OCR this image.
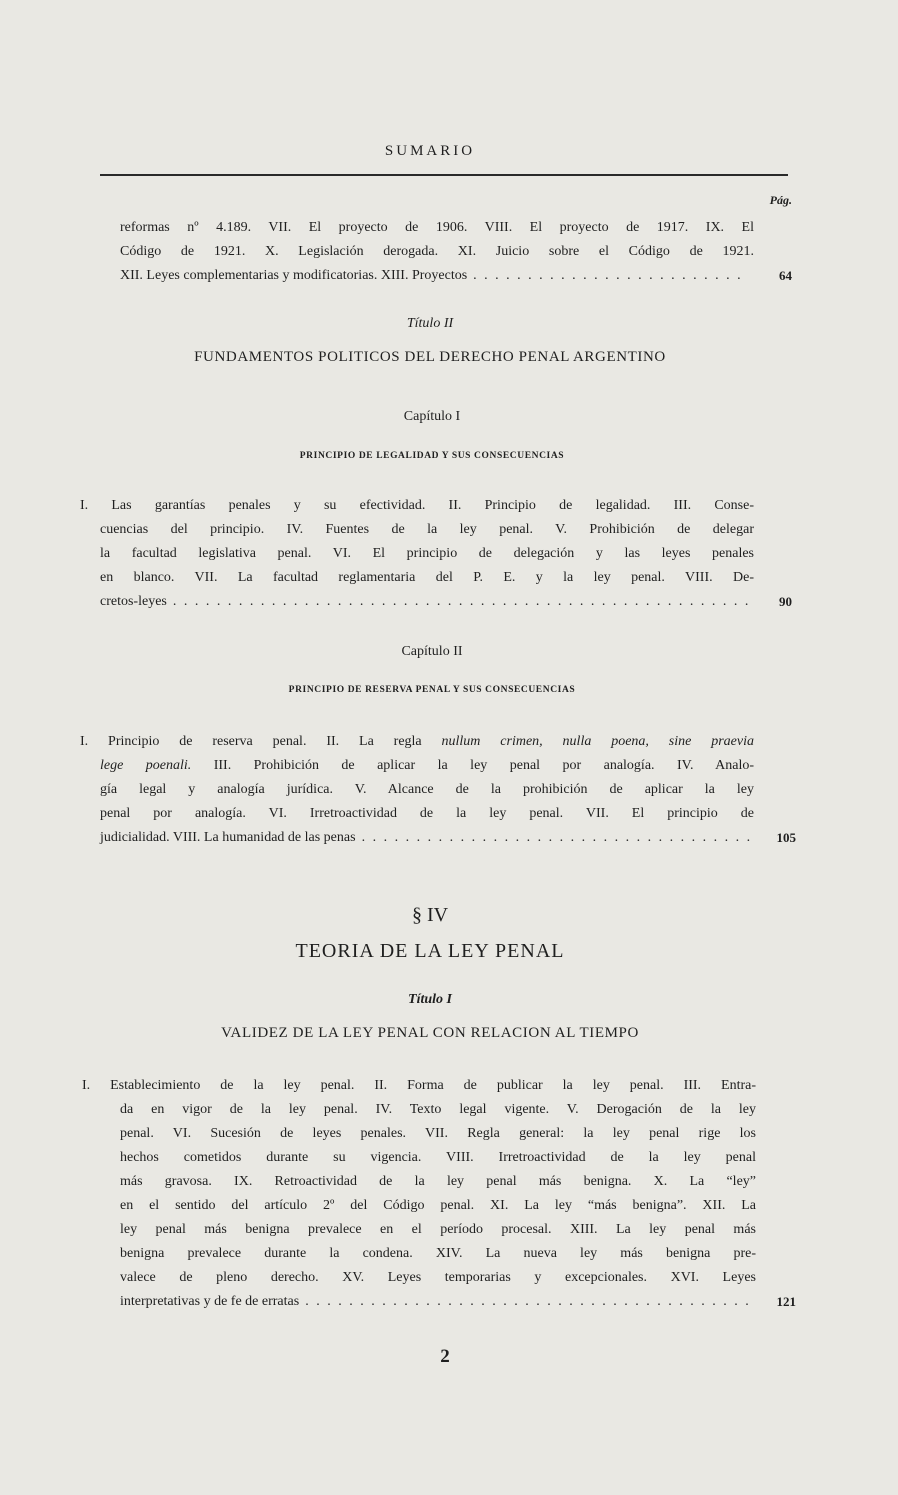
SUMARIO
Pág.
reformas nº 4.189. VII. El proyecto de 1906. VIII. El proyecto de 1917. IX. El
Código de 1921. X. Legislación derogada. XI. Juicio sobre el Código de 1921.
XII. Leyes complementarias y modificatorias. XIII. Proyectos . . .	64
Título II
FUNDAMENTOS POLITICOS DEL DERECHO PENAL ARGENTINO
Capítulo I
PRINCIPIO DE LEGALIDAD Y SUS CONSECUENCIAS
I. Las garantías penales y su efectividad. II. Principio de legalidad. III. Conse-
cuencias del principio. IV. Fuentes de la ley penal. V. Prohibición de delegar
la facultad legislativa penal. VI. El principio de delegación y las leyes penales
en blanco. VII. La facultad reglamentaria del P. E. y la ley penal. VIII. De-
cretos-leyes . . .	90
Capítulo II
PRINCIPIO DE RESERVA PENAL Y SUS CONSECUENCIAS
I. Principio de reserva penal. II. La regla nullum crimen, nulla poena, sine praevia
lege poenali. III. Prohibición de aplicar la ley penal por analogía. IV. Analo-
gía legal y analogía jurídica. V. Alcance de la prohibición de aplicar la ley
penal por analogía. VI. Irretroactividad de la ley penal. VII. El principio de
judicialidad. VIII. La humanidad de las penas . . .	105
§ IV
TEORIA DE LA LEY PENAL
Título I
VALIDEZ DE LA LEY PENAL CON RELACION AL TIEMPO
I. Establecimiento de la ley penal. II. Forma de publicar la ley penal. III. Entra-
da en vigor de la ley penal. IV. Texto legal vigente. V. Derogación de la ley
penal. VI. Sucesión de leyes penales. VII. Regla general: la ley penal rige los
hechos cometidos durante su vigencia. VIII. Irretroactividad de la ley penal
más gravosa. IX. Retroactividad de la ley penal más benigna. X. La “ley”
en el sentido del artículo 2º del Código penal. XI. La ley “más benigna”. XII. La
ley penal más benigna prevalece en el período procesal. XIII. La ley penal más
benigna prevalece durante la condena. XIV. La nueva ley más benigna pre-
valece de pleno derecho. XV. Leyes temporarias y excepcionales. XVI. Leyes
interpretativas y de fe de erratas . . .	121
2
